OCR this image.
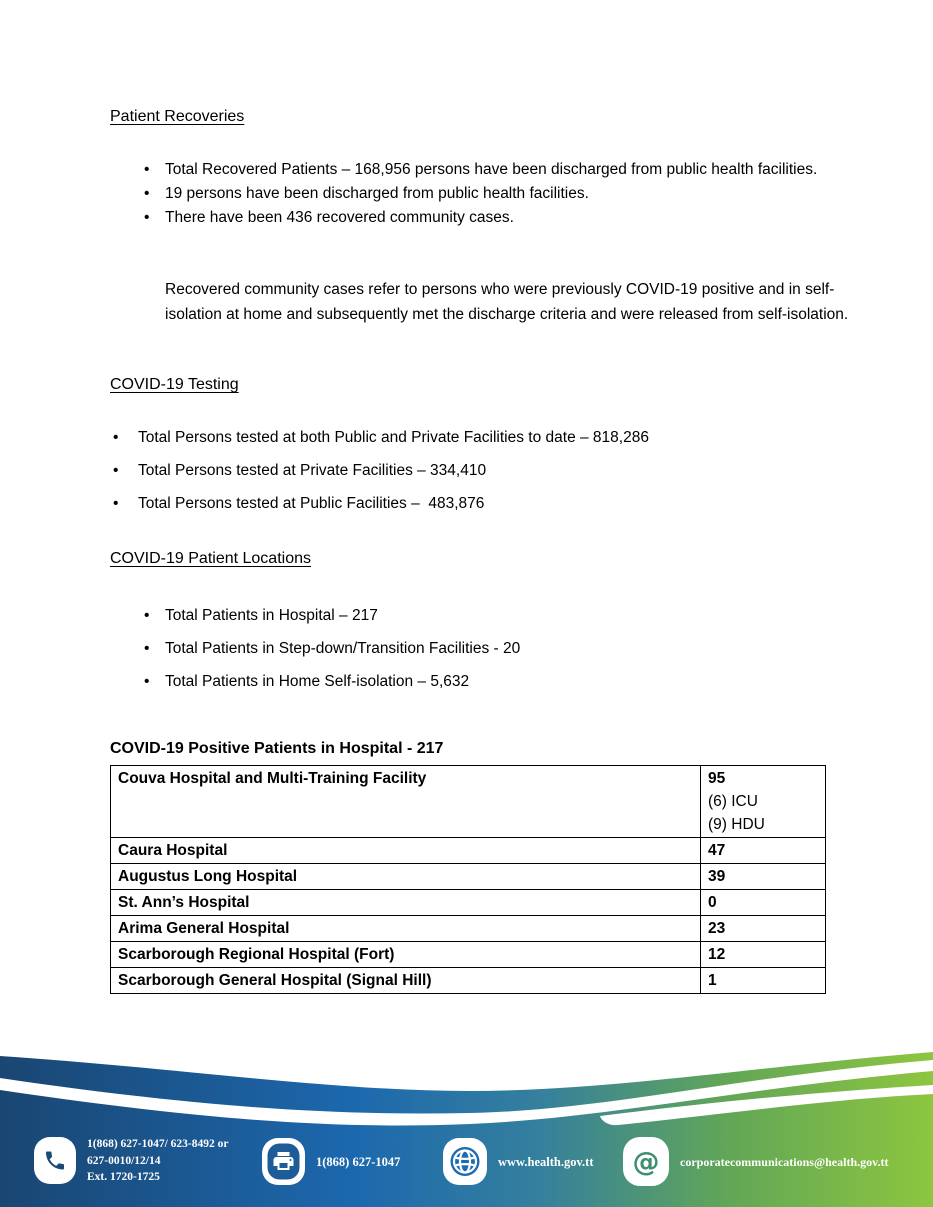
Patient Recoveries
• Total Recovered Patients – 168,956 persons have been discharged from public health facilities.
• 19 persons have been discharged from public health facilities.
• There have been 436 recovered community cases.

Recovered community cases refer to persons who were previously COVID-19 positive and in self-isolation at home and subsequently met the discharge criteria and were released from self-isolation.

COVID-19 Testing
• Total Persons tested at both Public and Private Facilities to date – 818,286
• Total Persons tested at Private Facilities – 334,410
• Total Persons tested at Public Facilities –  483,876
COVID-19 Patient Locations
• Total Patients in Hospital – 217
• Total Patients in Step-down/Transition Facilities - 20
• Total Patients in Home Self-isolation – 5,632
COVID-19 Positive Patients in Hospital - 217
Couva Hospital and Multi-Training Facility	95
(6) ICU
(9) HDU

Caura Hospital	47
Augustus Long Hospital	39
St. Ann’s Hospital	0
Arima General Hospital	23
Scarborough Regional Hospital (Fort)	12
Scarborough General Hospital (Signal Hill)	1
1(868) 627-1047/ 623-8492 or
627-0010/12/14
Ext. 1720-1725
1(868) 627-1047	www.health.gov.tt @ corporatecommunications@health.gov.tt
